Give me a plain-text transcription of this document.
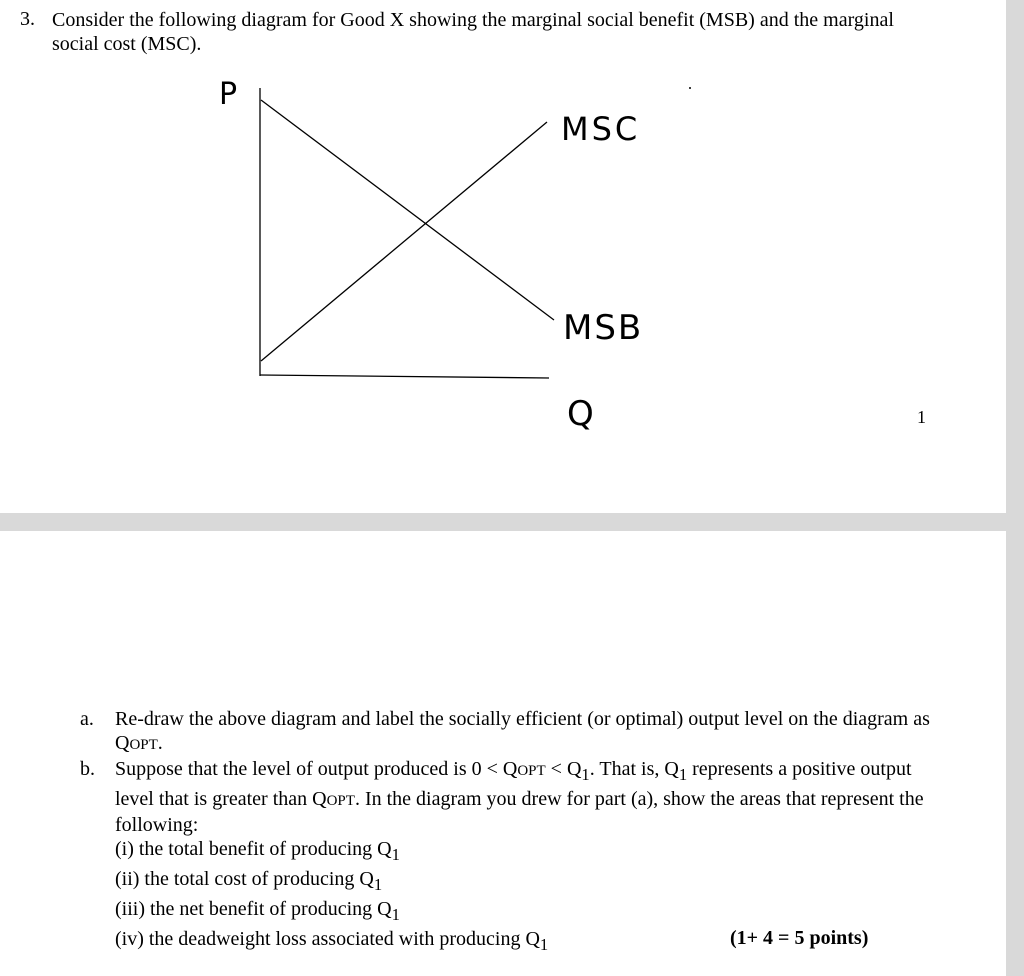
3. Consider the following diagram for Good X showing the marginal social benefit (MSB) and the marginal social cost (MSC).
P
MSC
MSB
Q	1
a.	Re-draw the above diagram and label the socially efficient (or optimal) output level on the diagram as QOPT.
b.	Suppose that the level of output produced is 0 < QOPT < $Q_1$. That is, $Q_1$ represents a positive output level that is greater than QOPT. In the diagram you drew for part (a), show the areas that represent the following:
(i) the total benefit of producing $Q_1$
(ii) the total cost of producing $Q_1$
(iii) the net benefit of producing $Q_1$
(iv) the deadweight loss associated with producing $Q_1$	(1+ 4 = 5 points)
